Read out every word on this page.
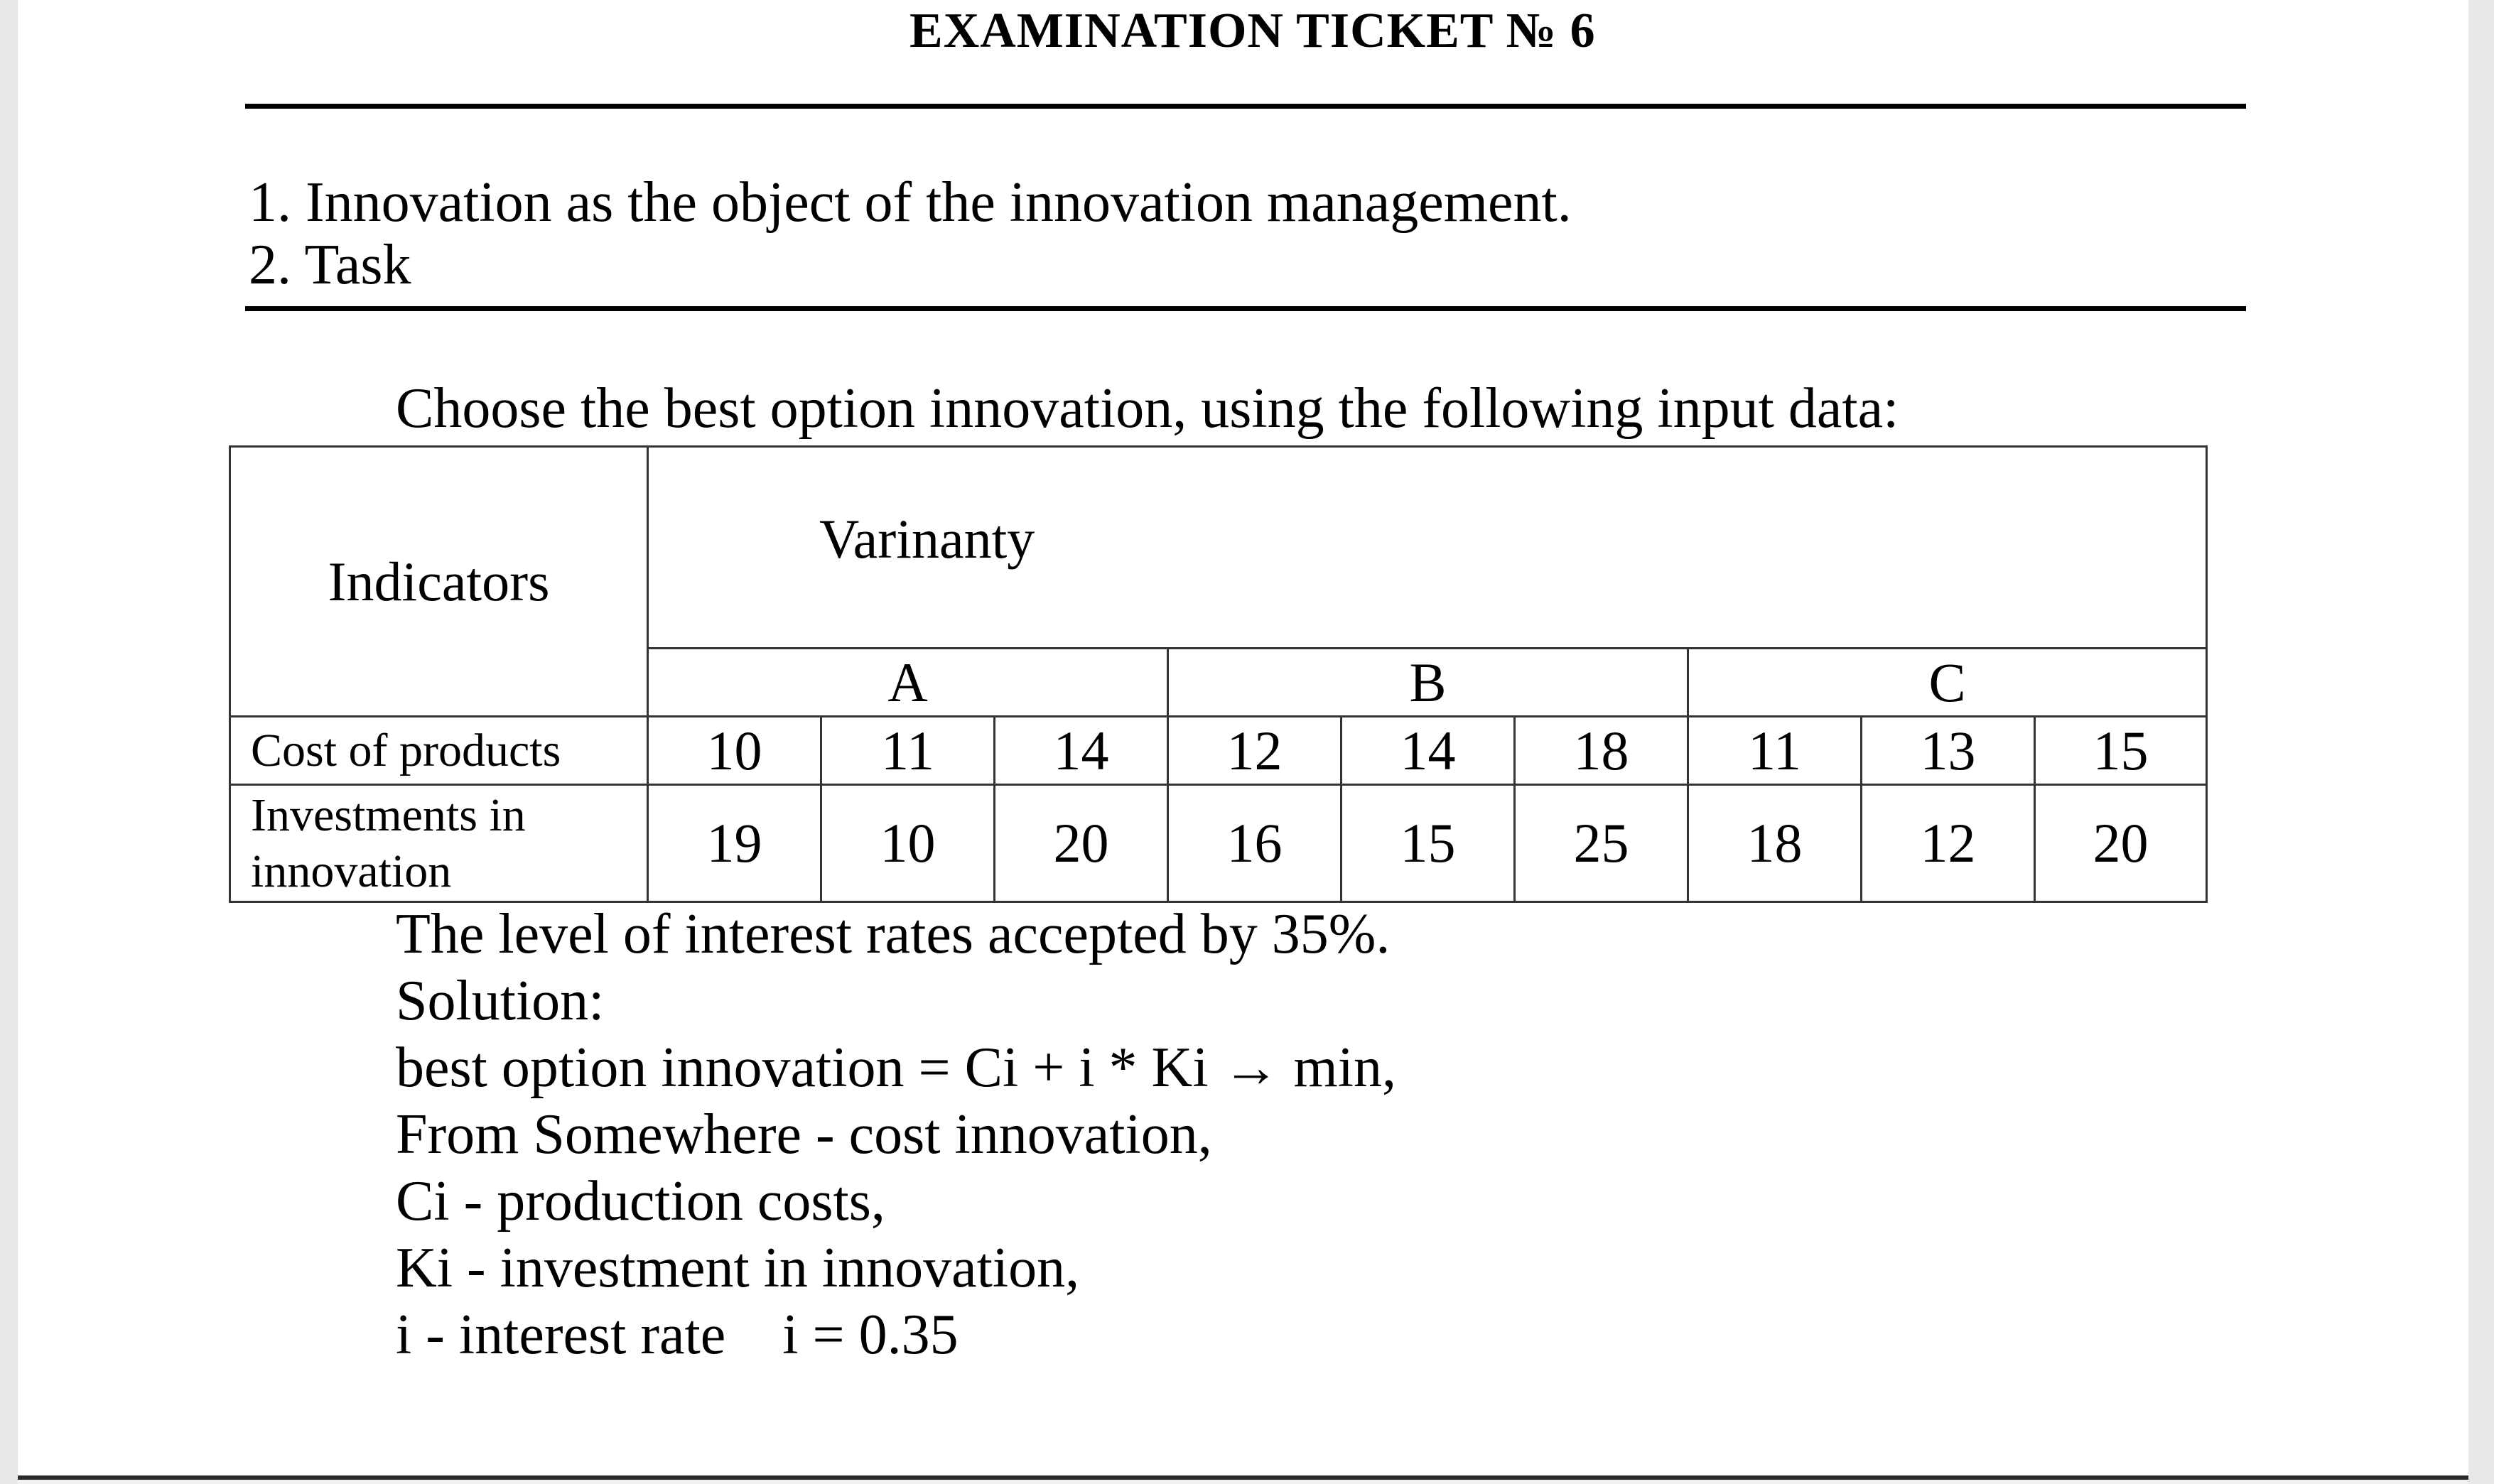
EXAMINATION TICKET № 6
1. Innovation as the object of the innovation management.
2. Task
Choose the best option innovation, using the following input data:
Indicators	Varinanty								
	A			B			C		
Cost of products	10	11	14	12	14	18	11	13	15
Investments in
innovation	19	10	20	16	15	25	18	12	20
The level of interest rates accepted by 35%.
Solution:
best option innovation = Ci + i * Ki → min,
From Somewhere - cost innovation,
Ci - production costs,
Ki - investment in innovation,
i - interest rate    i = 0.35
